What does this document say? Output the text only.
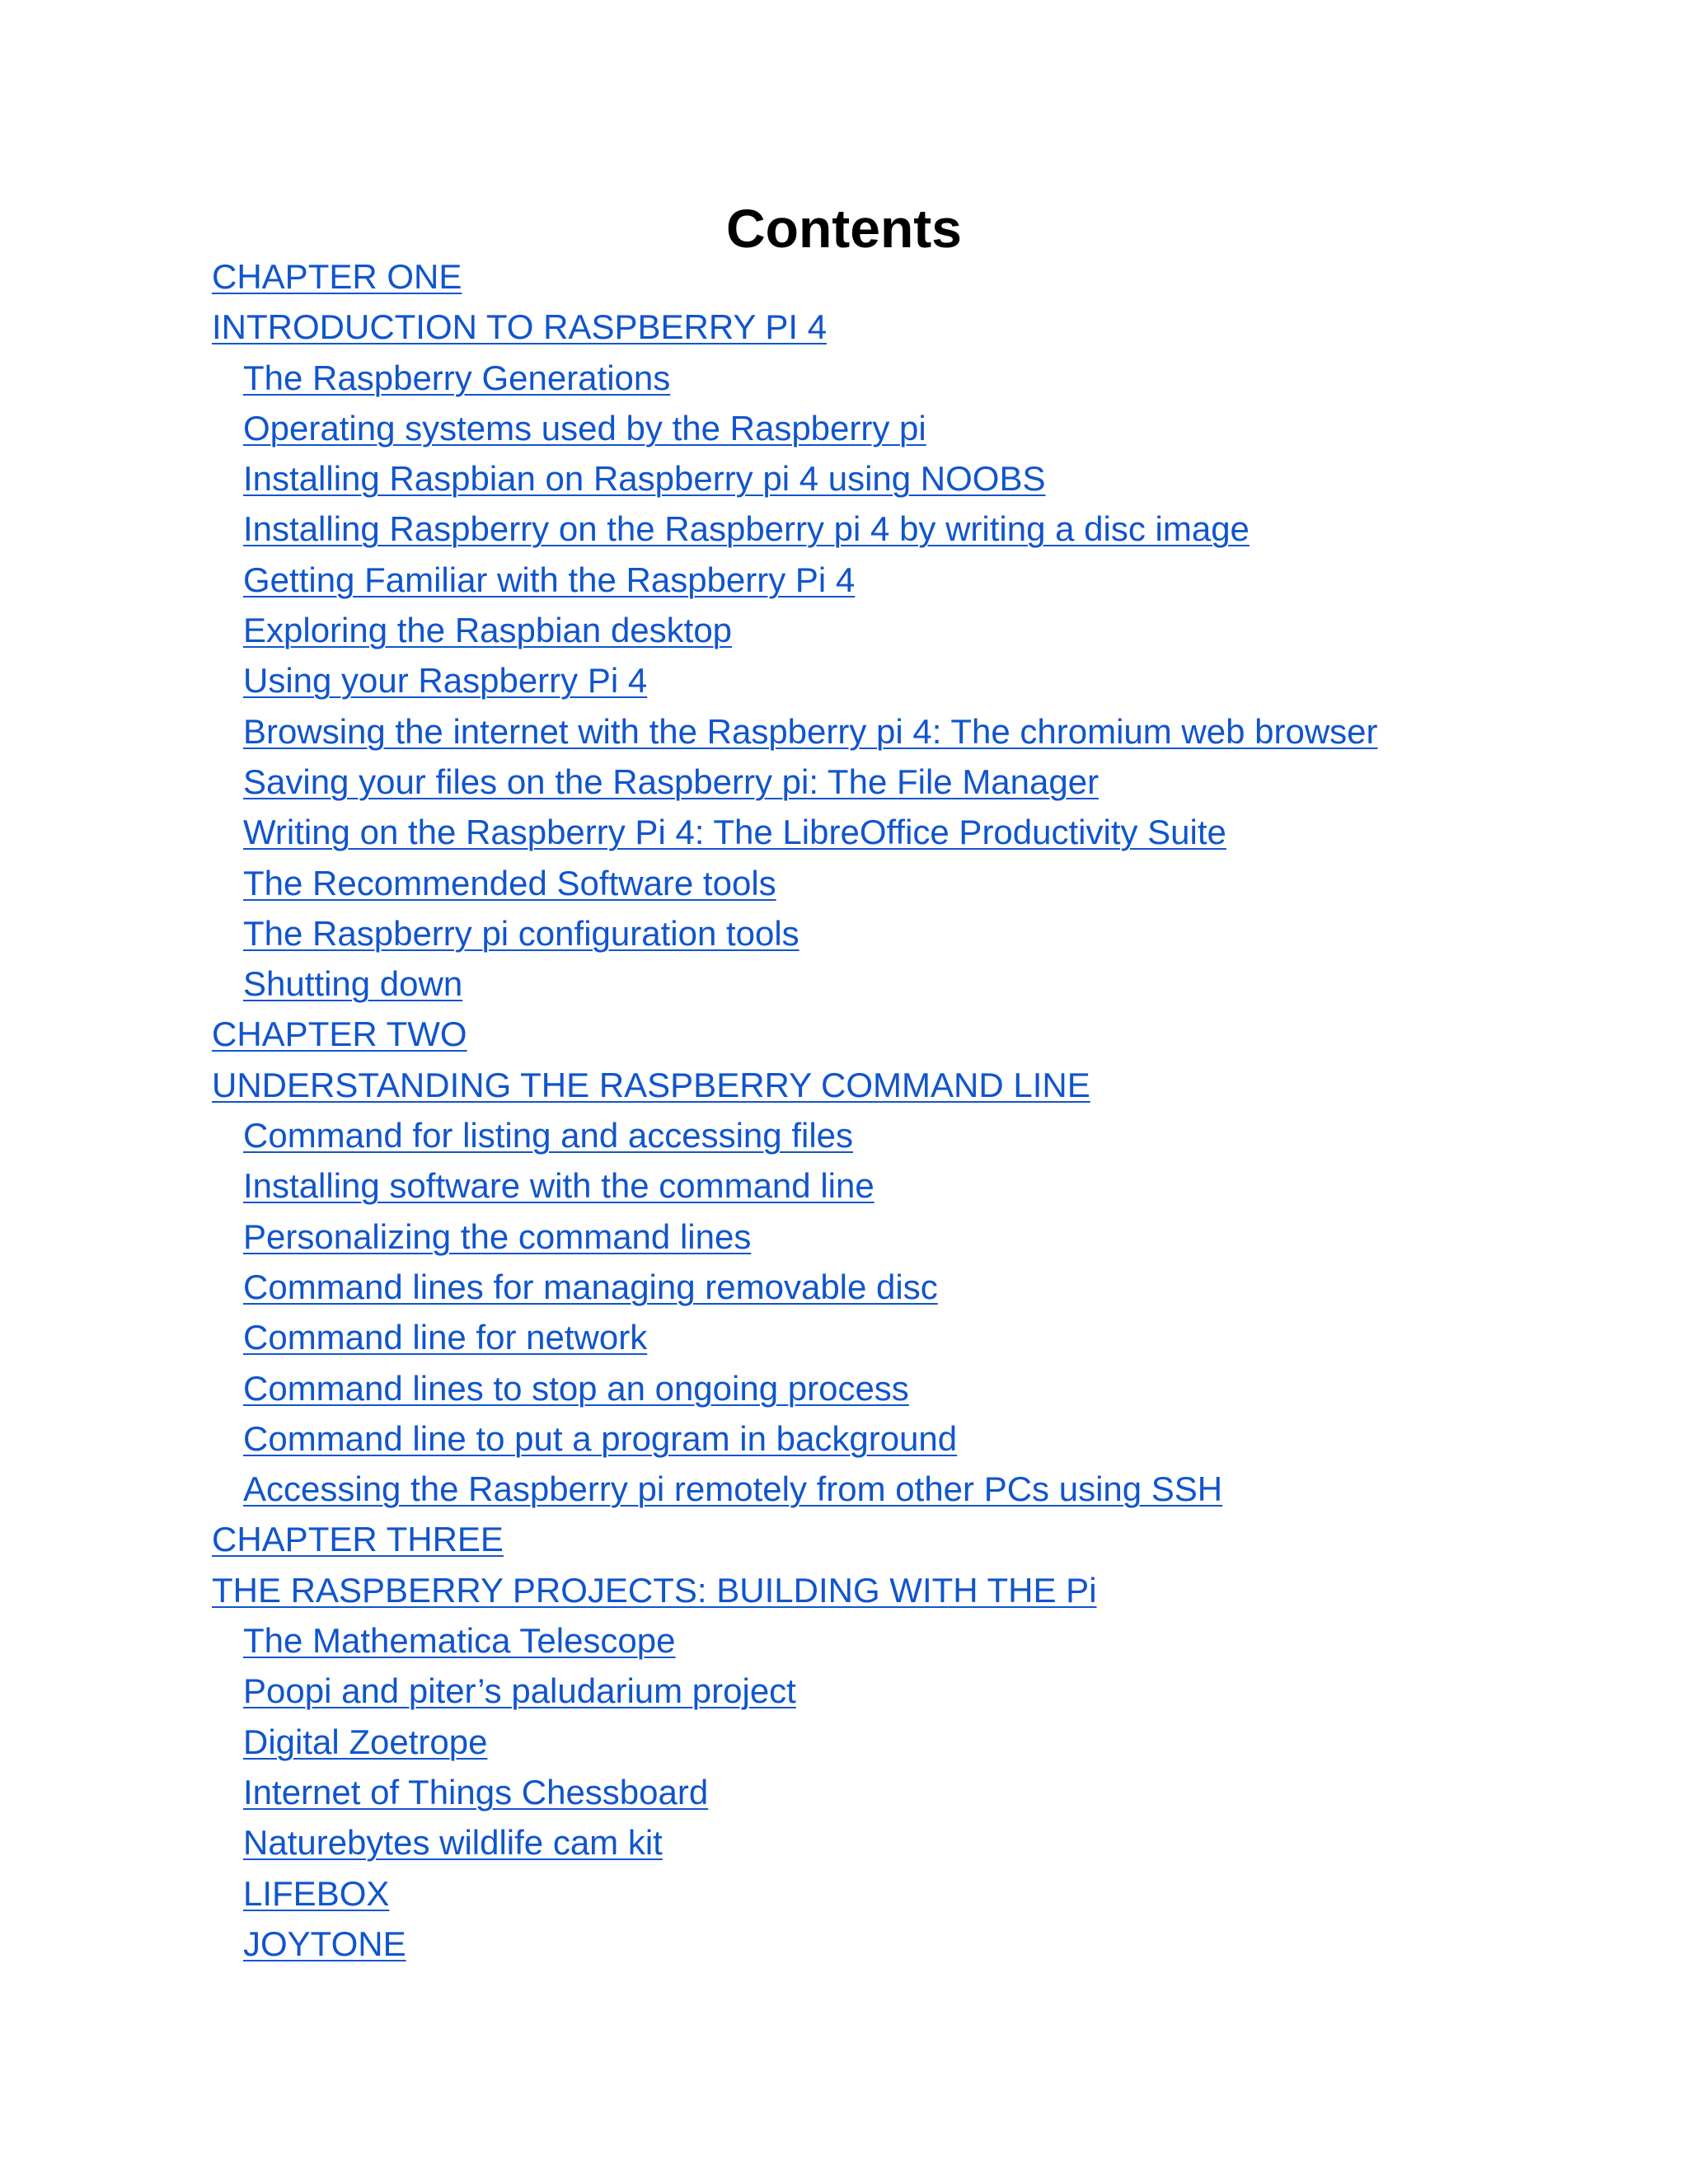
Contents
CHAPTER ONE
INTRODUCTION TO RASPBERRY PI 4
The Raspberry Generations
Operating systems used by the Raspberry pi
Installing Raspbian on Raspberry pi 4 using NOOBS
Installing Raspberry on the Raspberry pi 4 by writing a disc image
Getting Familiar with the Raspberry Pi 4
Exploring the Raspbian desktop
Using your Raspberry Pi 4
Browsing the internet with the Raspberry pi 4: The chromium web browser
Saving your files on the Raspberry pi: The File Manager
Writing on the Raspberry Pi 4: The LibreOffice Productivity Suite
The Recommended Software tools
The Raspberry pi configuration tools
Shutting down
CHAPTER TWO
UNDERSTANDING THE RASPBERRY COMMAND LINE
Command for listing and accessing files
Installing software with the command line
Personalizing the command lines
Command lines for managing removable disc
Command line for network
Command lines to stop an ongoing process
Command line to put a program in background
Accessing the Raspberry pi remotely from other PCs using SSH
CHAPTER THREE
THE RASPBERRY PROJECTS: BUILDING WITH THE Pi
The Mathematica Telescope
Poopi and piter’s paludarium project
Digital Zoetrope
Internet of Things Chessboard
Naturebytes wildlife cam kit
LIFEBOX
JOYTONE
